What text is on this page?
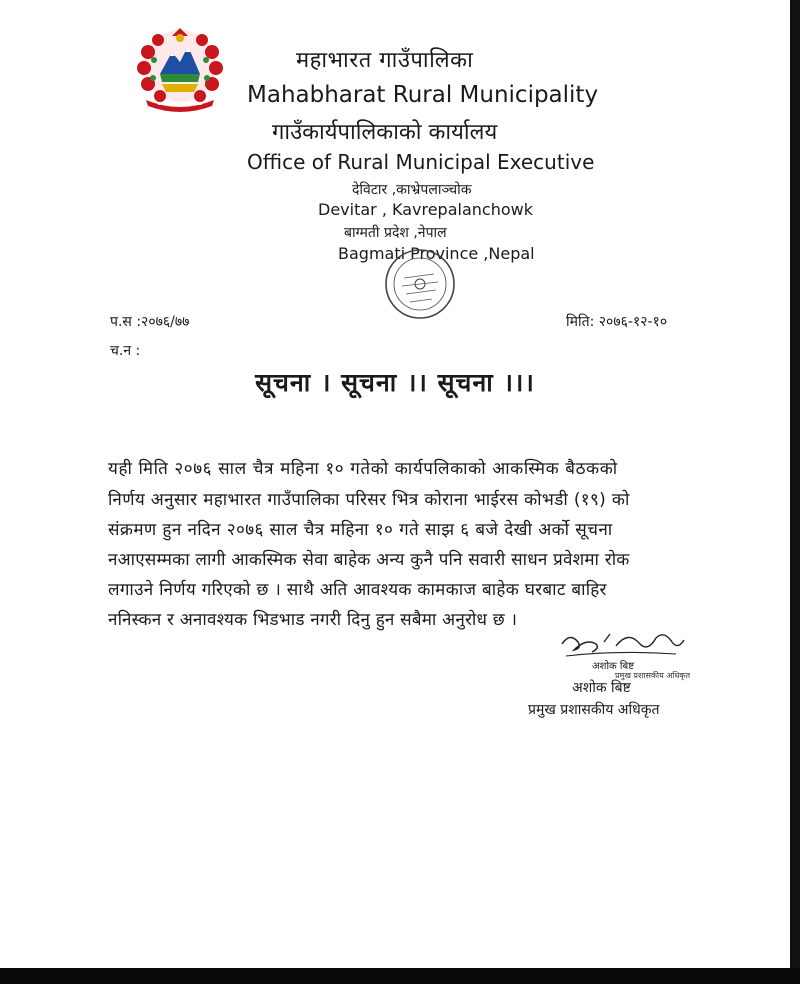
महाभारत गाउँपालिका
Mahabharat Rural Municipality
गाउँकार्यपालिकाको कार्यालय
Office of Rural Municipal Executive
देविटार ,काभ्रेपलाञ्चोक
Devitar , Kavrepalanchowk
बाग्मती प्रदेश ,नेपाल
Bagmati Province ,Nepal
प.स :२०७६/७७	मिति: २०७६-१२-१०
च.न :
सूचना । सूचना ।। सूचना ।।।
यही मिति २०७६ साल चैत्र महिना १० गतेको कार्यपलिकाको आकस्मिक बैठकको
निर्णय अनुसार महाभारत गाउँपालिका परिसर भित्र कोराना भाईरस कोभडी (१९) को
संक्रमण हुन नदिन २०७६ साल चैत्र महिना १० गते साझ ६ बजे देखी अर्को सूचना
नआएसम्मका लागी आकस्मिक सेवा बाहेक अन्य कुनै पनि सवारी साधन प्रवेशमा रोक
लगाउने निर्णय गरिएको छ । साथै अति आवश्यक कामकाज बाहेक घरबाट बाहिर
ननिस्कन र अनावश्यक भिडभाड नगरी दिनु हुन सबैमा अनुरोध छ ।
अशोक बिष्ट
प्रमुख प्रशासकीय अधिकृत
अशोक बिष्ट
प्रमुख प्रशासकीय अधिकृत
